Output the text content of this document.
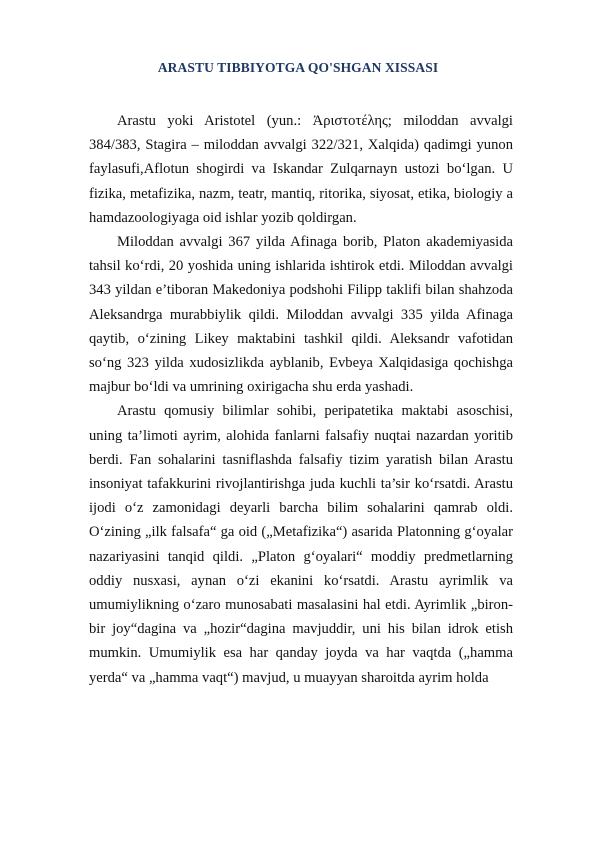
ARASTU TIBBIYOTGA QO'SHGAN XISSASI

Arastu yoki Aristotel (yun.: Ἀριστοτέλης; miloddan avvalgi 384/383, Stagira – miloddan avvalgi 322/321, Xalqida) qadimgi yunon faylasufi,Aflotun shogirdi va Iskandar Zulqarnayn ustozi bo‘lgan. U fizika, metafizika, nazm, teatr, mantiq, ritorika, siyosat, etika, biologiy a hamdazoologiyaga oid ishlar yozib qoldirgan.

Miloddan avvalgi 367 yilda Afinaga borib, Platon akademiyasida tahsil ko‘rdi, 20 yoshida uning ishlarida ishtirok etdi. Miloddan avvalgi 343 yildan e’tiboran Makedoniya podshohi Filipp taklifi bilan shahzoda Aleksandrga murabbiylik qildi. Miloddan avvalgi 335 yilda Afinaga qaytib, o‘zining Likey maktabini tashkil qildi. Aleksandr vafotidan so‘ng 323 yilda xudosizlikda ayblanib, Evbeya Xalqidasiga qochishga majbur bo‘ldi va umrining oxirigacha shu erda yashadi.

Arastu qomusiy bilimlar sohibi, peripatetika maktabi asoschisi, uning ta’limoti ayrim, alohida fanlarni falsafiy nuqtai nazardan yoritib berdi. Fan sohalarini tasniflashda falsafiy tizim yaratish bilan Arastu insoniyat tafakkurini rivojlantirishga juda kuchli ta’sir ko‘rsatdi. Arastu ijodi o‘z zamonidagi deyarli barcha bilim sohalarini qamrab oldi. O‘zining „ilk falsafa“ ga oid („Metafizika“) asarida Platonning g‘oyalar nazariyasini tanqid qildi. „Platon g‘oyalari“ moddiy predmetlarning oddiy nusxasi, aynan o‘zi ekanini ko‘rsatdi. Arastu ayrimlik va umumiylikning o‘zaro munosabati masalasini hal etdi. Ayrimlik „biron-bir joy“dagina va „hozir“dagina mavjuddir, uni his bilan idrok etish mumkin. Umumiylik esa har qanday joyda va har vaqtda („hamma yerda“ va „hamma vaqt“) mavjud, u muayyan sharoitda ayrim holda
